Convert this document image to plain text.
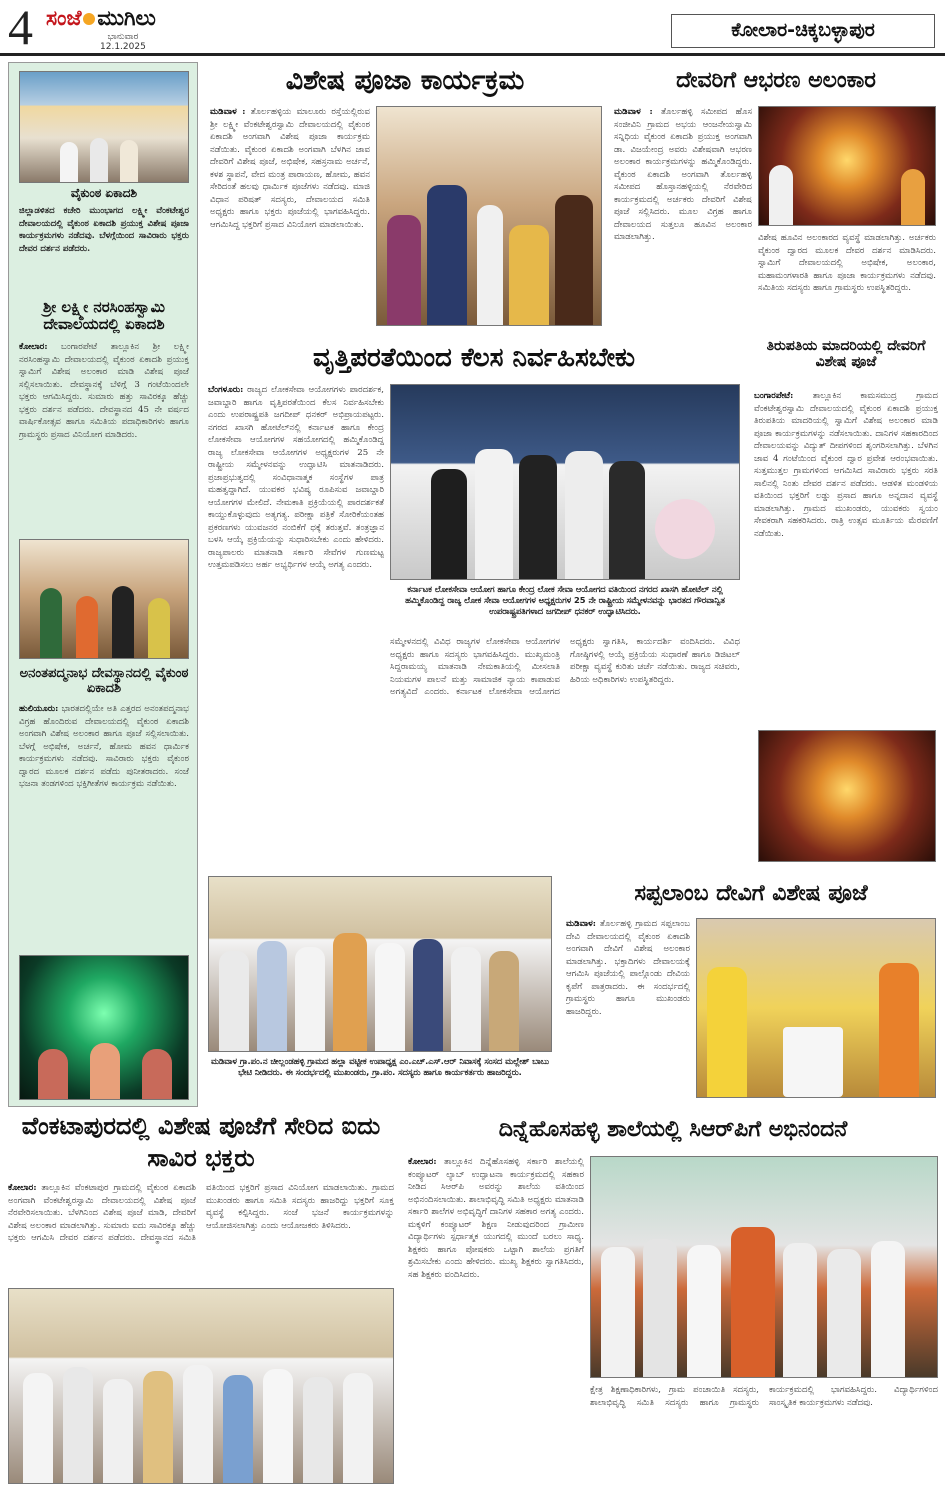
4 ಸಂಜೆ ಮುಗಿಲು
ಭಾನುವಾರ
12.1.2025
ಕೋಲಾರ-ಚಿಕ್ಕಬಳ್ಳಾಪುರ
ವೈಕುಂಠ ಏಕಾದಶಿ
ಜಿಲ್ಲಾಡಳಿತದ ಕಚೇರಿ ಮುಂಭಾಗದ ಲಕ್ಷ್ಮೀ ವೆಂಕಟೇಶ್ವರ ದೇವಾಲಯದಲ್ಲಿ ವೈಕುಂಠ ಏಕಾದಶಿ ಪ್ರಯುಕ್ತ ವಿಶೇಷ ಪೂಜಾ ಕಾರ್ಯಕ್ರಮಗಳು ನಡೆದವು. ಬೆಳಗ್ಗೆಯಿಂದ ಸಾವಿರಾರು ಭಕ್ತರು ದೇವರ ದರ್ಶನ ಪಡೆದರು.
ಶ್ರೀ ಲಕ್ಷ್ಮೀ ನರಸಿಂಹಸ್ವಾಮಿ ದೇವಾಲಯದಲ್ಲಿ ಏಕಾದಶಿ
ಕೋಲಾರ: ಬಂಗಾರಪೇಟೆ ತಾಲ್ಲೂಕಿನ ಶ್ರೀ ಲಕ್ಷ್ಮೀ ನರಸಿಂಹಸ್ವಾಮಿ ದೇವಾಲಯದಲ್ಲಿ ವೈಕುಂಠ ಏಕಾದಶಿ ಪ್ರಯುಕ್ತ ಸ್ವಾಮಿಗೆ ವಿಶೇಷ ಅಲಂಕಾರ ಮಾಡಿ ವಿಶೇಷ ಪೂಜೆ ಸಲ್ಲಿಸಲಾಯಿತು. ದೇವಸ್ಥಾನಕ್ಕೆ ಬೆಳಿಗ್ಗೆ 3 ಗಂಟೆಯಿಂದಲೇ ಭಕ್ತರು ಆಗಮಿಸಿದ್ದರು. ಸುಮಾರು ಹತ್ತು ಸಾವಿರಕ್ಕೂ ಹೆಚ್ಚು ಭಕ್ತರು ದರ್ಶನ ಪಡೆದರು. ದೇವಸ್ಥಾನದ 45 ನೇ ವರ್ಷದ ವಾರ್ಷಿಕೋತ್ಸವ ಹಾಗೂ ಸಮಿತಿಯ ಪದಾಧಿಕಾರಿಗಳು ಹಾಗೂ ಗ್ರಾಮಸ್ಥರು ಪ್ರಸಾದ ವಿನಿಯೋಗ ಮಾಡಿದರು.
ಅನಂತಪದ್ಮನಾಭ ದೇವಸ್ಥಾನದಲ್ಲಿ ವೈಕುಂಠ ಏಕಾದಶಿ
ಹುಲಿಯೂರು: ಭಾರತದಲ್ಲಿಯೇ ಅತಿ ಎತ್ತರದ ಅನಂತಪದ್ಮನಾಭ ವಿಗ್ರಹ ಹೊಂದಿರುವ ದೇವಾಲಯದಲ್ಲಿ ವೈಕುಂಠ ಏಕಾದಶಿ ಅಂಗವಾಗಿ ವಿಶೇಷ ಅಲಂಕಾರ ಹಾಗೂ ಪೂಜೆ ಸಲ್ಲಿಸಲಾಯಿತು. ಬೆಳಗ್ಗೆ ಅಭಿಷೇಕ, ಅರ್ಚನೆ, ಹೋಮ ಹವನ ಧಾರ್ಮಿಕ ಕಾರ್ಯಕ್ರಮಗಳು ನಡೆದವು. ಸಾವಿರಾರು ಭಕ್ತರು ವೈಕುಂಠ ದ್ವಾರದ ಮೂಲಕ ದರ್ಶನ ಪಡೆದು ಪುನೀತರಾದರು. ಸಂಜೆ ಭಜನಾ ತಂಡಗಳಿಂದ ಭಕ್ತಿಗೀತೆಗಳ ಕಾರ್ಯಕ್ರಮ ನಡೆಯಿತು.
ವಿಶೇಷ ಪೂಜಾ ಕಾರ್ಯಕ್ರಮ
ಮಡಿವಾಳ : ತೊರ್ಲಹಳ್ಳಿಯ ಮಾಲೂರು ರಸ್ತೆಯಲ್ಲಿರುವ ಶ್ರೀ ಲಕ್ಷ್ಮೀ ವೆಂಕಟೇಶ್ವರಸ್ವಾಮಿ ದೇವಾಲಯದಲ್ಲಿ ವೈಕುಂಠ ಏಕಾದಶಿ ಅಂಗವಾಗಿ ವಿಶೇಷ ಪೂಜಾ ಕಾರ್ಯಕ್ರಮ ನಡೆಯಿತು. ವೈಕುಂಠ ಏಕಾದಶಿ ಅಂಗವಾಗಿ ಬೆಳಗಿನ ಜಾವ ದೇವರಿಗೆ ವಿಶೇಷ ಪೂಜೆ, ಅಭಿಷೇಕ, ಸಹಸ್ರನಾಮ ಅರ್ಚನೆ, ಕಳಶ ಸ್ಥಾಪನೆ, ವೇದ ಮಂತ್ರ ಪಾರಾಯಣ, ಹೋಮ, ಹವನ ಸೇರಿದಂತೆ ಹಲವು ಧಾರ್ಮಿಕ ಪೂಜೆಗಳು ನಡೆದವು. ಮಾಜಿ ವಿಧಾನ ಪರಿಷತ್ ಸದಸ್ಯರು, ದೇವಾಲಯದ ಸಮಿತಿ ಅಧ್ಯಕ್ಷರು ಹಾಗೂ ಭಕ್ತರು ಪೂಜೆಯಲ್ಲಿ ಭಾಗವಹಿಸಿದ್ದರು. ಆಗಮಿಸಿದ್ದ ಭಕ್ತರಿಗೆ ಪ್ರಸಾದ ವಿನಿಯೋಗ ಮಾಡಲಾಯಿತು.
ದೇವರಿಗೆ ಆಭರಣ ಅಲಂಕಾರ
ಮಡಿವಾಳ : ತೊರ್ಲಹಳ್ಳಿ ಸಮೀಪದ ಹೊಸ ಸಂಜೀವಿನಿ ಗ್ರಾಮದ ಅಭಯ ಆಂಜನೇಯಸ್ವಾಮಿ ಸನ್ನಿಧಿಯ ವೈಕುಂಠ ಏಕಾದಶಿ ಪ್ರಯುಕ್ತ ಅಂಗವಾಗಿ ಡಾ. ವಿಜಯೇಂದ್ರ ಅವರು ವಿಶೇಷವಾಗಿ ಆಭರಣ ಅಲಂಕಾರ ಕಾರ್ಯಕ್ರಮಗಳನ್ನು ಹಮ್ಮಿಕೊಂಡಿದ್ದರು. ವೈಕುಂಠ ಏಕಾದಶಿ ಅಂಗವಾಗಿ ತೊರ್ಲಹಳ್ಳಿ ಸಮೀಪದ ಹೊಸ್ತಾನಹಳ್ಳಿಯಲ್ಲಿ ನೆರವೇರಿದ ಕಾರ್ಯಕ್ರಮದಲ್ಲಿ ಅರ್ಚಕರು ದೇವರಿಗೆ ವಿಶೇಷ ಪೂಜೆ ಸಲ್ಲಿಸಿದರು. ಮೂಲ ವಿಗ್ರಹ ಹಾಗೂ ದೇವಾಲಯದ ಸುತ್ತಲೂ ಹೂವಿನ ಅಲಂಕಾರ ಮಾಡಲಾಗಿತ್ತು.	ವಿಶೇಷ ಹೂವಿನ ಅಲಂಕಾರದ ವ್ಯವಸ್ಥೆ ಮಾಡಲಾಗಿತ್ತು. ಅರ್ಚಕರು ವೈಕುಂಠ ದ್ವಾರದ ಮೂಲಕ ದೇವರ ದರ್ಶನ ಮಾಡಿಸಿದರು. ಸ್ವಾಮಿಗೆ ದೇವಾಲಯದಲ್ಲಿ ಅಭಿಷೇಕ, ಅಲಂಕಾರ, ಮಹಾಮಂಗಳಾರತಿ ಹಾಗೂ ಪೂಜಾ ಕಾರ್ಯಕ್ರಮಗಳು ನಡೆದವು. ಸಮಿತಿಯ ಸದಸ್ಯರು ಹಾಗೂ ಗ್ರಾಮಸ್ಥರು ಉಪಸ್ಥಿತರಿದ್ದರು.
ವೃತ್ತಿಪರತೆಯಿಂದ ಕೆಲಸ ನಿರ್ವಹಿಸಬೇಕು
ಬೆಂಗಳೂರು: ರಾಜ್ಯದ ಲೋಕಸೇವಾ ಆಯೋಗಗಳು ಪಾರದರ್ಶಕ, ಜವಾಬ್ದಾರಿ ಹಾಗೂ ವೃತ್ತಿಪರತೆಯಿಂದ ಕೆಲಸ ನಿರ್ವಹಿಸಬೇಕು ಎಂದು ಉಪರಾಷ್ಟ್ರಪತಿ ಜಗದೀಪ್ ಧನಕರ್ ಅಭಿಪ್ರಾಯಪಟ್ಟರು. ನಗರದ ಖಾಸಗಿ ಹೋಟೆಲ್‌ನಲ್ಲಿ ಕರ್ನಾಟಕ ಹಾಗೂ ಕೇಂದ್ರ ಲೋಕಸೇವಾ ಆಯೋಗಗಳ ಸಹಯೋಗದಲ್ಲಿ ಹಮ್ಮಿಕೊಂಡಿದ್ದ ರಾಜ್ಯ ಲೋಕಸೇವಾ ಆಯೋಗಗಳ ಅಧ್ಯಕ್ಷರುಗಳ 25 ನೇ ರಾಷ್ಟ್ರೀಯ ಸಮ್ಮೇಳನವನ್ನು ಉದ್ಘಾಟಿಸಿ ಮಾತನಾಡಿದರು. ಪ್ರಜಾಪ್ರಭುತ್ವದಲ್ಲಿ ಸಂವಿಧಾನಾತ್ಮಕ ಸಂಸ್ಥೆಗಳ ಪಾತ್ರ ಮಹತ್ವದ್ದಾಗಿದೆ. ಯುವಕರ ಭವಿಷ್ಯ ರೂಪಿಸುವ ಜವಾಬ್ದಾರಿ ಆಯೋಗಗಳ ಮೇಲಿದೆ. ನೇಮಕಾತಿ ಪ್ರಕ್ರಿಯೆಯಲ್ಲಿ ಪಾರದರ್ಶಕತೆ ಕಾಯ್ದುಕೊಳ್ಳುವುದು ಅತ್ಯಗತ್ಯ. ಪರೀಕ್ಷಾ ಪತ್ರಿಕೆ ಸೋರಿಕೆಯಂತಹ ಪ್ರಕರಣಗಳು ಯುವಜನರ ನಂಬಿಕೆಗೆ ಧಕ್ಕೆ ತರುತ್ತವೆ. ತಂತ್ರಜ್ಞಾನ ಬಳಸಿ ಆಯ್ಕೆ ಪ್ರಕ್ರಿಯೆಯನ್ನು ಸುಧಾರಿಸಬೇಕು ಎಂದು ಹೇಳಿದರು. ರಾಜ್ಯಪಾಲರು ಮಾತನಾಡಿ ಸರ್ಕಾರಿ ಸೇವೆಗಳ ಗುಣಮಟ್ಟ ಉತ್ತಮಪಡಿಸಲು ಅರ್ಹ ಅಭ್ಯರ್ಥಿಗಳ ಆಯ್ಕೆ ಅಗತ್ಯ ಎಂದರು.
ಕರ್ನಾಟಕ ಲೋಕಸೇವಾ ಆಯೋಗ ಹಾಗೂ ಕೇಂದ್ರ ಲೋಕ ಸೇವಾ ಆಯೋಗದ ವತಿಯಿಂದ ನಗರದ ಖಾಸಗಿ ಹೋಟೆಲ್ ನಲ್ಲಿ ಹಮ್ಮಿಕೊಂಡಿದ್ದ ರಾಜ್ಯ ಲೋಕ ಸೇವಾ ಆಯೋಗಗಳ ಅಧ್ಯಕ್ಷರುಗಳ 25 ನೇ ರಾಷ್ಟ್ರೀಯ ಸಮ್ಮೇಳನವನ್ನು ಭಾರತದ ಗೌರವಾನ್ವಿತ ಉಪರಾಷ್ಟ್ರಪತಿಗಳಾದ ಜಗದೀಪ್ ಧನಕರ್ ಉದ್ಘಾಟಿಸಿದರು.
ಸಮ್ಮೇಳನದಲ್ಲಿ ವಿವಿಧ ರಾಜ್ಯಗಳ ಲೋಕಸೇವಾ ಆಯೋಗಗಳ ಅಧ್ಯಕ್ಷರು ಹಾಗೂ ಸದಸ್ಯರು ಭಾಗವಹಿಸಿದ್ದರು. ಮುಖ್ಯಮಂತ್ರಿ ಸಿದ್ದರಾಮಯ್ಯ ಮಾತನಾಡಿ ನೇಮಕಾತಿಯಲ್ಲಿ ಮೀಸಲಾತಿ ನಿಯಮಗಳ ಪಾಲನೆ ಮತ್ತು ಸಾಮಾಜಿಕ ನ್ಯಾಯ ಕಾಪಾಡುವ ಅಗತ್ಯವಿದೆ ಎಂದರು. ಕರ್ನಾಟಕ ಲೋಕಸೇವಾ ಆಯೋಗದ ಅಧ್ಯಕ್ಷರು ಸ್ವಾಗತಿಸಿ, ಕಾರ್ಯದರ್ಶಿ ವಂದಿಸಿದರು. ವಿವಿಧ ಗೋಷ್ಠಿಗಳಲ್ಲಿ ಆಯ್ಕೆ ಪ್ರಕ್ರಿಯೆಯ ಸುಧಾರಣೆ ಹಾಗೂ ಡಿಜಿಟಲ್ ಪರೀಕ್ಷಾ ವ್ಯವಸ್ಥೆ ಕುರಿತು ಚರ್ಚೆ ನಡೆಯಿತು. ರಾಜ್ಯದ ಸಚಿವರು, ಹಿರಿಯ ಅಧಿಕಾರಿಗಳು ಉಪಸ್ಥಿತರಿದ್ದರು.
ತಿರುಪತಿಯ ಮಾದರಿಯಲ್ಲಿ ದೇವರಿಗೆ ವಿಶೇಷ ಪೂಜೆ
ಬಂಗಾರಪೇಟೆ: ತಾಲ್ಲೂಕಿನ ಕಾಮಸಮುದ್ರ ಗ್ರಾಮದ ವೆಂಕಟೇಶ್ವರಸ್ವಾಮಿ ದೇವಾಲಯದಲ್ಲಿ ವೈಕುಂಠ ಏಕಾದಶಿ ಪ್ರಯುಕ್ತ ತಿರುಪತಿಯ ಮಾದರಿಯಲ್ಲಿ ಸ್ವಾಮಿಗೆ ವಿಶೇಷ ಅಲಂಕಾರ ಮಾಡಿ ಪೂಜಾ ಕಾರ್ಯಕ್ರಮಗಳನ್ನು ನಡೆಸಲಾಯಿತು. ದಾನಿಗಳ ಸಹಕಾರದಿಂದ ದೇವಾಲಯವನ್ನು ವಿದ್ಯುತ್ ದೀಪಗಳಿಂದ ಶೃಂಗರಿಸಲಾಗಿತ್ತು. ಬೆಳಗಿನ ಜಾವ 4 ಗಂಟೆಯಿಂದ ವೈಕುಂಠ ದ್ವಾರ ಪ್ರವೇಶ ಆರಂಭವಾಯಿತು. ಸುತ್ತಮುತ್ತಲ ಗ್ರಾಮಗಳಿಂದ ಆಗಮಿಸಿದ ಸಾವಿರಾರು ಭಕ್ತರು ಸರತಿ ಸಾಲಿನಲ್ಲಿ ನಿಂತು ದೇವರ ದರ್ಶನ ಪಡೆದರು. ಆಡಳಿತ ಮಂಡಳಿಯ ವತಿಯಿಂದ ಭಕ್ತರಿಗೆ ಲಡ್ಡು ಪ್ರಸಾದ ಹಾಗೂ ಅನ್ನದಾನ ವ್ಯವಸ್ಥೆ ಮಾಡಲಾಗಿತ್ತು. ಗ್ರಾಮದ ಮುಖಂಡರು, ಯುವಕರು ಸ್ವಯಂ ಸೇವಕರಾಗಿ ಸಹಕರಿಸಿದರು. ರಾತ್ರಿ ಉತ್ಸವ ಮೂರ್ತಿಯ ಮೆರವಣಿಗೆ ನಡೆಯಿತು.
ಮಡಿವಾಳ ಗ್ರಾ.ಪಂ.ನ ಚೀಲ್ಲಂಡಹಳ್ಳಿ ಗ್ರಾಮದ ಹಲ್ಲಾ ವಟ್ಟೀಕ ಉಪಾಧ್ಯಕ್ಷ ಎಂ.ಎಚ್.ಎಸ್.ಆರ್ ನಿವಾಸಕ್ಕೆ ಸಂಸದ ಮಲ್ಲೇಶ್ ಬಾಬು ಭೇಟಿ ನೀಡಿದರು. ಈ ಸಂದರ್ಭದಲ್ಲಿ ಮುಖಂಡರು, ಗ್ರಾ.ಪಂ. ಸದಸ್ಯರು ಹಾಗೂ ಕಾರ್ಯಕರ್ತರು ಹಾಜರಿದ್ದರು.
ಸಪ್ಪಲಾಂಬ ದೇವಿಗೆ ವಿಶೇಷ ಪೂಜೆ
ಮಡಿವಾಳ: ತೊರ್ಲಹಳ್ಳಿ ಗ್ರಾಮದ ಸಪ್ಪಲಾಂಬ ದೇವಿ ದೇವಾಲಯದಲ್ಲಿ ವೈಕುಂಠ ಏಕಾದಶಿ ಅಂಗವಾಗಿ ದೇವಿಗೆ ವಿಶೇಷ ಅಲಂಕಾರ ಮಾಡಲಾಗಿತ್ತು. ಭಕ್ತಾದಿಗಳು ದೇವಾಲಯಕ್ಕೆ ಆಗಮಿಸಿ ಪೂಜೆಯಲ್ಲಿ ಪಾಲ್ಗೊಂಡು ದೇವಿಯ ಕೃಪೆಗೆ ಪಾತ್ರರಾದರು. ಈ ಸಂದರ್ಭದಲ್ಲಿ ಗ್ರಾಮಸ್ಥರು ಹಾಗೂ ಮುಖಂಡರು ಹಾಜರಿದ್ದರು.
ವೆಂಕಟಾಪುರದಲ್ಲಿ ವಿಶೇಷ ಪೂಜೆಗೆ ಸೇರಿದ ಐದು ಸಾವಿರ ಭಕ್ತರು
ಕೋಲಾರ: ತಾಲ್ಲೂಕಿನ ವೆಂಕಟಾಪುರ ಗ್ರಾಮದಲ್ಲಿ ವೈಕುಂಠ ಏಕಾದಶಿ ಅಂಗವಾಗಿ ವೆಂಕಟೇಶ್ವರಸ್ವಾಮಿ ದೇವಾಲಯದಲ್ಲಿ ವಿಶೇಷ ಪೂಜೆ ನೆರವೇರಿಸಲಾಯಿತು. ಬೆಳಗಿನಿಂದ ವಿಶೇಷ ಪೂಜೆ ಮಾಡಿ, ದೇವರಿಗೆ ವಿಶೇಷ ಅಲಂಕಾರ ಮಾಡಲಾಗಿತ್ತು. ಸುಮಾರು ಐದು ಸಾವಿರಕ್ಕೂ ಹೆಚ್ಚು ಭಕ್ತರು ಆಗಮಿಸಿ ದೇವರ ದರ್ಶನ ಪಡೆದರು. ದೇವಸ್ಥಾನದ ಸಮಿತಿ ವತಿಯಿಂದ ಭಕ್ತರಿಗೆ ಪ್ರಸಾದ ವಿನಿಯೋಗ ಮಾಡಲಾಯಿತು. ಗ್ರಾಮದ ಮುಖಂಡರು ಹಾಗೂ ಸಮಿತಿ ಸದಸ್ಯರು ಹಾಜರಿದ್ದು ಭಕ್ತರಿಗೆ ಸೂಕ್ತ ವ್ಯವಸ್ಥೆ ಕಲ್ಪಿಸಿದ್ದರು. ಸಂಜೆ ಭಜನೆ ಕಾರ್ಯಕ್ರಮಗಳನ್ನು ಆಯೋಜಿಸಲಾಗಿತ್ತು ಎಂದು ಆಯೋಜಕರು ತಿಳಿಸಿದರು.
ದಿನ್ನೆಹೊಸಹಳ್ಳಿ ಶಾಲೆಯಲ್ಲಿ ಸಿಆರ್‌ಪಿಗೆ ಅಭಿನಂದನೆ
ಕೋಲಾರ: ತಾಲ್ಲೂಕಿನ ದಿನ್ನೆಹೊಸಹಳ್ಳಿ ಸರ್ಕಾರಿ ಶಾಲೆಯಲ್ಲಿ ಕಂಪ್ಯೂಟರ್ ಲ್ಯಾಬ್ ಉದ್ಘಾಟನಾ ಕಾರ್ಯಕ್ರಮದಲ್ಲಿ ಸಹಕಾರ ನೀಡಿದ ಸಿಆರ್‌ಪಿ ಅವರನ್ನು ಶಾಲೆಯ ವತಿಯಿಂದ ಅಭಿನಂದಿಸಲಾಯಿತು. ಶಾಲಾಭಿವೃದ್ಧಿ ಸಮಿತಿ ಅಧ್ಯಕ್ಷರು ಮಾತನಾಡಿ ಸರ್ಕಾರಿ ಶಾಲೆಗಳ ಅಭಿವೃದ್ಧಿಗೆ ದಾನಿಗಳ ಸಹಕಾರ ಅಗತ್ಯ ಎಂದರು. ಮಕ್ಕಳಿಗೆ ಕಂಪ್ಯೂಟರ್ ಶಿಕ್ಷಣ ನೀಡುವುದರಿಂದ ಗ್ರಾಮೀಣ ವಿದ್ಯಾರ್ಥಿಗಳು ಸ್ಪರ್ಧಾತ್ಮಕ ಯುಗದಲ್ಲಿ ಮುಂದೆ ಬರಲು ಸಾಧ್ಯ. ಶಿಕ್ಷಕರು ಹಾಗೂ ಪೋಷಕರು ಒಟ್ಟಾಗಿ ಶಾಲೆಯ ಪ್ರಗತಿಗೆ ಶ್ರಮಿಸಬೇಕು ಎಂದು ಹೇಳಿದರು. ಮುಖ್ಯ ಶಿಕ್ಷಕರು ಸ್ವಾಗತಿಸಿದರು, ಸಹ ಶಿಕ್ಷಕರು ವಂದಿಸಿದರು.
ಕ್ಷೇತ್ರ ಶಿಕ್ಷಣಾಧಿಕಾರಿಗಳು, ಗ್ರಾಮ ಪಂಚಾಯಿತಿ ಸದಸ್ಯರು, ಶಾಲಾಭಿವೃದ್ಧಿ ಸಮಿತಿ ಸದಸ್ಯರು ಹಾಗೂ ಗ್ರಾಮಸ್ಥರು ಕಾರ್ಯಕ್ರಮದಲ್ಲಿ ಭಾಗವಹಿಸಿದ್ದರು. ವಿದ್ಯಾರ್ಥಿಗಳಿಂದ ಸಾಂಸ್ಕೃತಿಕ ಕಾರ್ಯಕ್ರಮಗಳು ನಡೆದವು.
